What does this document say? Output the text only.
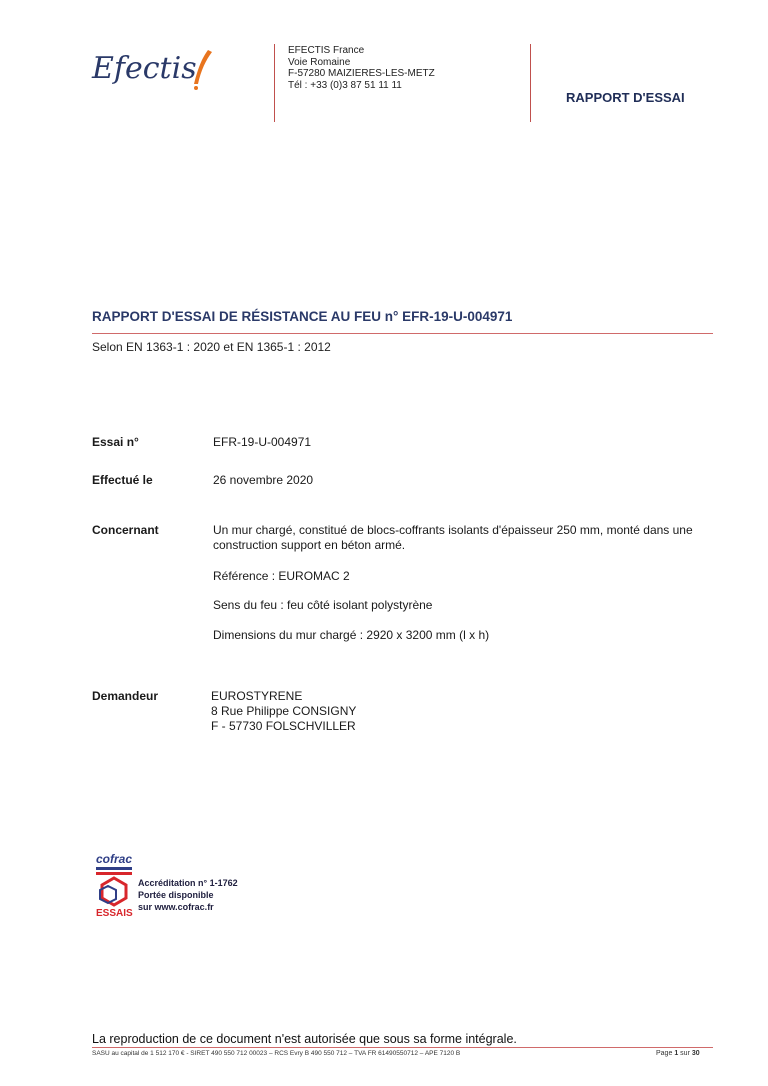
Efectis
EFECTIS France
Voie Romaine
F-57280 MAIZIERES-LES-METZ
Tél : +33 (0)3 87 51 11 11
RAPPORT D'ESSAI
RAPPORT D'ESSAI DE RÉSISTANCE AU FEU n° EFR-19-U-004971
Selon EN 1363-1 : 2020 et EN 1365-1 : 2012
Essai n°	EFR-19-U-004971
Effectué le	26 novembre 2020
Concernant	Un mur chargé, constitué de blocs-coffrants isolants d'épaisseur 250 mm, monté dans une construction support en béton armé.
Référence : EUROMAC 2
Sens du feu : feu côté isolant polystyrène
Dimensions du mur chargé : 2920 x 3200 mm (l x h)
Demandeur	EUROSTYRENE
8 Rue Philippe CONSIGNY
F - 57730 FOLSCHVILLER
cofrac
ESSAIS
Accréditation n° 1-1762
Portée disponible
sur www.cofrac.fr
La reproduction de ce document n'est autorisée que sous sa forme intégrale.
SASU au capital de 1 512 170 € - SIRET 490 550 712 00023 – RCS Evry B 490 550 712 – TVA FR 61490550712 – APE 7120 B	Page 1 sur 30
